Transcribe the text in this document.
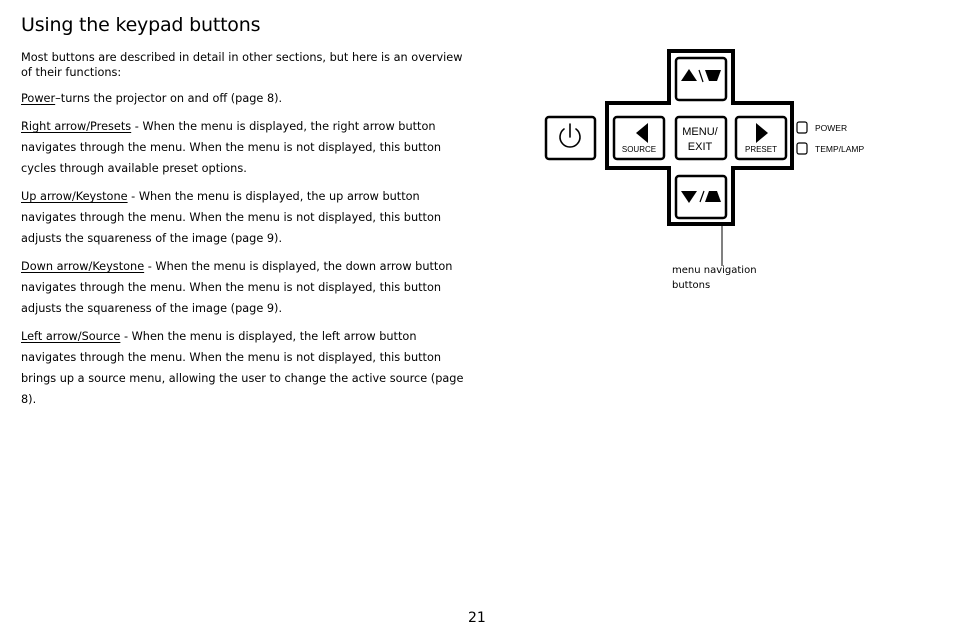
Using the keypad buttons

Most buttons are described in detail in other sections, but here is an overview of their functions:

Power–turns the projector on and off (page 8).

Right arrow/Presets - When the menu is displayed, the right arrow button navigates through the menu. When the menu is not displayed, this button cycles through available preset options.

Up arrow/Keystone - When the menu is displayed, the up arrow button navigates through the menu. When the menu is not displayed, this button adjusts the squareness of the image (page 9).

Down arrow/Keystone - When the menu is displayed, the down arrow button navigates through the menu. When the menu is not displayed, this button adjusts the squareness of the image (page 9).

Left arrow/Source - When the menu is displayed, the left arrow button navigates through the menu. When the menu is not displayed, this button brings up a source menu, allowing the user to change the active source (page 8).

SOURCE
MENU/
EXIT	PRESET
POWER
TEMP/LAMP
menu navigation buttons
21
